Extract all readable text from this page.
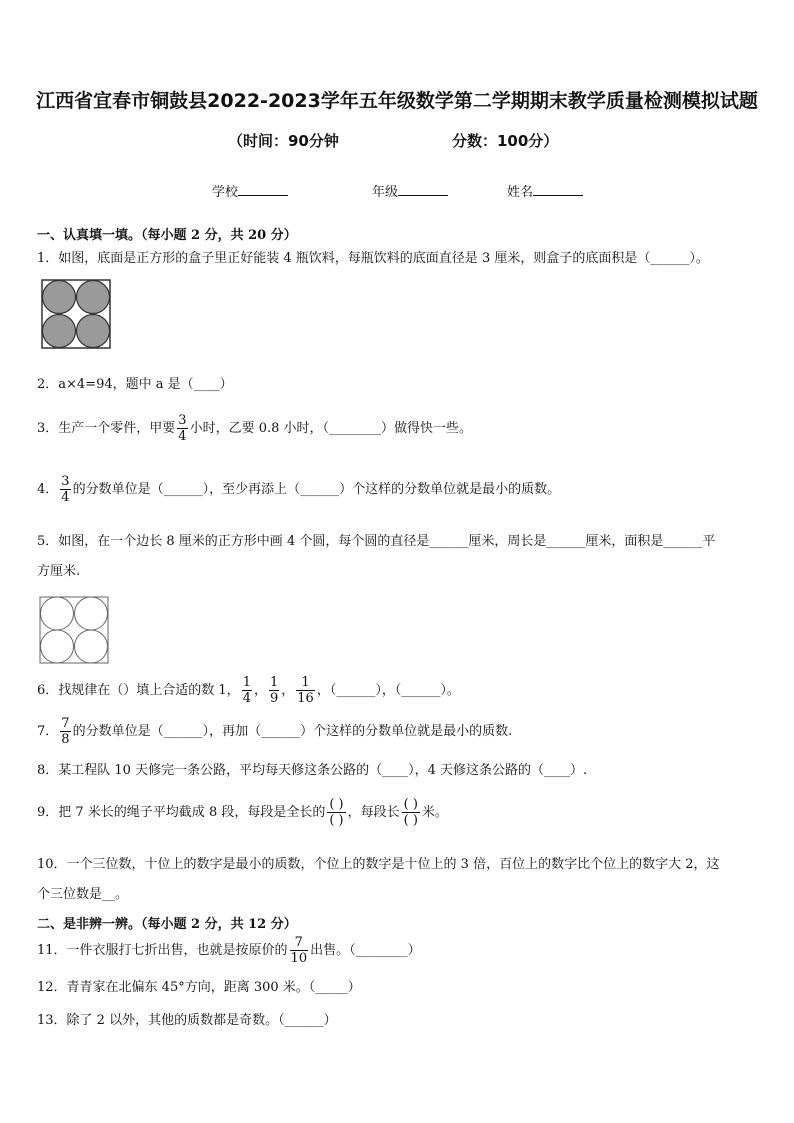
江西省宜春市铜鼓县2022-2023学年五年级数学第二学期期末教学质量检测模拟试题
（时间：90分钟	分数：100分）
学校	年级	姓名
一、认真填一填。（每小题 2 分，共 20 分）
1．如图，底面是正方形的盒子里正好能装 4 瓶饮料，每瓶饮料的底面直径是 3 厘米，则盒子的底面积是（______）。
2．a×4=94，题中 a 是（____）
3．生产一个零件，甲要 $\frac{3}{4}$ 小时，乙要 0.8 小时，（________）做得快一些。
4． $\frac{3}{4}$ 的分数单位是（______），至少再添上（______）个这样的分数单位就是最小的质数。
5．如图，在一个边长 8 厘米的正方形中画 4 个圆，每个圆的直径是______厘米，周长是______厘米，面积是______平
方厘米.
6．找规律在（）填上合适的数 1， $\frac{1}{4}$ ， $\frac{1}{9}$ ， $\frac{1}{16}$ ，（______），（______）。
7． $\frac{7}{8}$ 的分数单位是（______），再加（______）个这样的分数单位就是最小的质数.
8．某工程队 10 天修完一条公路，平均每天修这条公路的（____），4 天修这条公路的（____）.
9．把 7 米长的绳子平均截成 8 段，每段是全长的 $\frac{( )}{( )}$ ，每段长 $\frac{( )}{( )}$ 米。
10．一个三位数，十位上的数字是最小的质数，个位上的数字是十位上的 3 倍，百位上的数字比个位上的数字大 2，这
个三位数是__。
二、是非辨一辨。（每小题 2 分，共 12 分）
11．一件衣服打七折出售，也就是按原价的 $\frac{7}{10}$ 出售。（________）
12．青青家在北偏东 45°方向，距离 300 米。（_____）
13．除了 2 以外，其他的质数都是奇数。（______）
